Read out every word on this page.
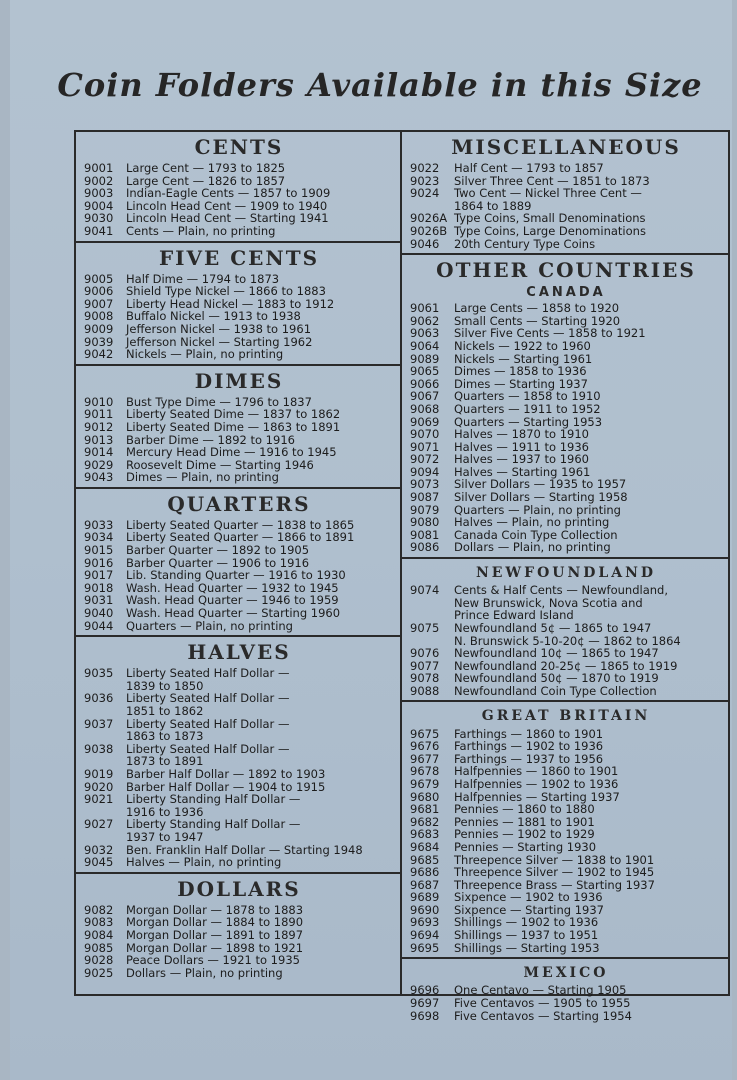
Coin Folders Available in this Size
CENTS
9001	Large Cent — 1793 to 1825
9002	Large Cent — 1826 to 1857
9003	Indian-Eagle Cents — 1857 to 1909
9004	Lincoln Head Cent — 1909 to 1940
9030	Lincoln Head Cent — Starting 1941
9041	Cents — Plain, no printing
FIVE CENTS
9005	Half Dime — 1794 to 1873
9006	Shield Type Nickel — 1866 to 1883
9007	Liberty Head Nickel — 1883 to 1912
9008	Buffalo Nickel — 1913 to 1938
9009	Jefferson Nickel — 1938 to 1961
9039	Jefferson Nickel — Starting 1962
9042	Nickels — Plain, no printing
DIMES
9010	Bust Type Dime — 1796 to 1837
9011	Liberty Seated Dime — 1837 to 1862
9012	Liberty Seated Dime — 1863 to 1891
9013	Barber Dime — 1892 to 1916
9014	Mercury Head Dime — 1916 to 1945
9029	Roosevelt Dime — Starting 1946
9043	Dimes — Plain, no printing
QUARTERS
9033	Liberty Seated Quarter — 1838 to 1865
9034	Liberty Seated Quarter — 1866 to 1891
9015	Barber Quarter — 1892 to 1905
9016	Barber Quarter — 1906 to 1916
9017	Lib. Standing Quarter — 1916 to 1930
9018	Wash. Head Quarter — 1932 to 1945
9031	Wash. Head Quarter — 1946 to 1959
9040	Wash. Head Quarter — Starting 1960
9044	Quarters — Plain, no printing
HALVES
9035	Liberty Seated Half Dollar —
1839 to 1850
9036	Liberty Seated Half Dollar —
1851 to 1862
9037	Liberty Seated Half Dollar —
1863 to 1873
9038	Liberty Seated Half Dollar —
1873 to 1891
9019	Barber Half Dollar — 1892 to 1903
9020	Barber Half Dollar — 1904 to 1915
9021	Liberty Standing Half Dollar —
1916 to 1936
9027	Liberty Standing Half Dollar —
1937 to 1947
9032	Ben. Franklin Half Dollar — Starting 1948
9045	Halves — Plain, no printing
DOLLARS
9082	Morgan Dollar — 1878 to 1883
9083	Morgan Dollar — 1884 to 1890
9084	Morgan Dollar — 1891 to 1897
9085	Morgan Dollar — 1898 to 1921
9028	Peace Dollars — 1921 to 1935
9025	Dollars — Plain, no printing
MISCELLANEOUS
9022	Half Cent — 1793 to 1857
9023	Silver Three Cent — 1851 to 1873
9024	Two Cent — Nickel Three Cent —
1864 to 1889
9026A Type Coins, Small Denominations
9026B Type Coins, Large Denominations
9046	20th Century Type Coins
OTHER COUNTRIES
CANADA
9061	Large Cents — 1858 to 1920
9062	Small Cents — Starting 1920
9063	Silver Five Cents — 1858 to 1921
9064	Nickels — 1922 to 1960
9089	Nickels — Starting 1961
9065	Dimes — 1858 to 1936
9066	Dimes — Starting 1937
9067	Quarters — 1858 to 1910
9068	Quarters — 1911 to 1952
9069	Quarters — Starting 1953
9070	Halves — 1870 to 1910
9071	Halves — 1911 to 1936
9072	Halves — 1937 to 1960
9094	Halves — Starting 1961
9073	Silver Dollars — 1935 to 1957
9087	Silver Dollars — Starting 1958
9079	Quarters — Plain, no printing
9080	Halves — Plain, no printing
9081	Canada Coin Type Collection
9086	Dollars — Plain, no printing
NEWFOUNDLAND
9074	Cents & Half Cents — Newfoundland,
New Brunswick, Nova Scotia and
Prince Edward Island
9075	Newfoundland 5¢ — 1865 to 1947
N. Brunswick 5-10-20¢ — 1862 to 1864
9076	Newfoundland 10¢ — 1865 to 1947
9077	Newfoundland 20-25¢ — 1865 to 1919
9078	Newfoundland 50¢ — 1870 to 1919
9088	Newfoundland Coin Type Collection
GREAT BRITAIN
9675	Farthings — 1860 to 1901
9676	Farthings — 1902 to 1936
9677	Farthings — 1937 to 1956
9678	Halfpennies — 1860 to 1901
9679	Halfpennies — 1902 to 1936
9680	Halfpennies — Starting 1937
9681	Pennies — 1860 to 1880
9682	Pennies — 1881 to 1901
9683	Pennies — 1902 to 1929
9684	Pennies — Starting 1930
9685	Threepence Silver — 1838 to 1901
9686	Threepence Silver — 1902 to 1945
9687	Threepence Brass — Starting 1937
9689	Sixpence — 1902 to 1936
9690	Sixpence — Starting 1937
9693	Shillings — 1902 to 1936
9694	Shillings — 1937 to 1951
9695	Shillings — Starting 1953
MEXICO
9696	One Centavo — Starting 1905
9697	Five Centavos — 1905 to 1955
9698	Five Centavos — Starting 1954
